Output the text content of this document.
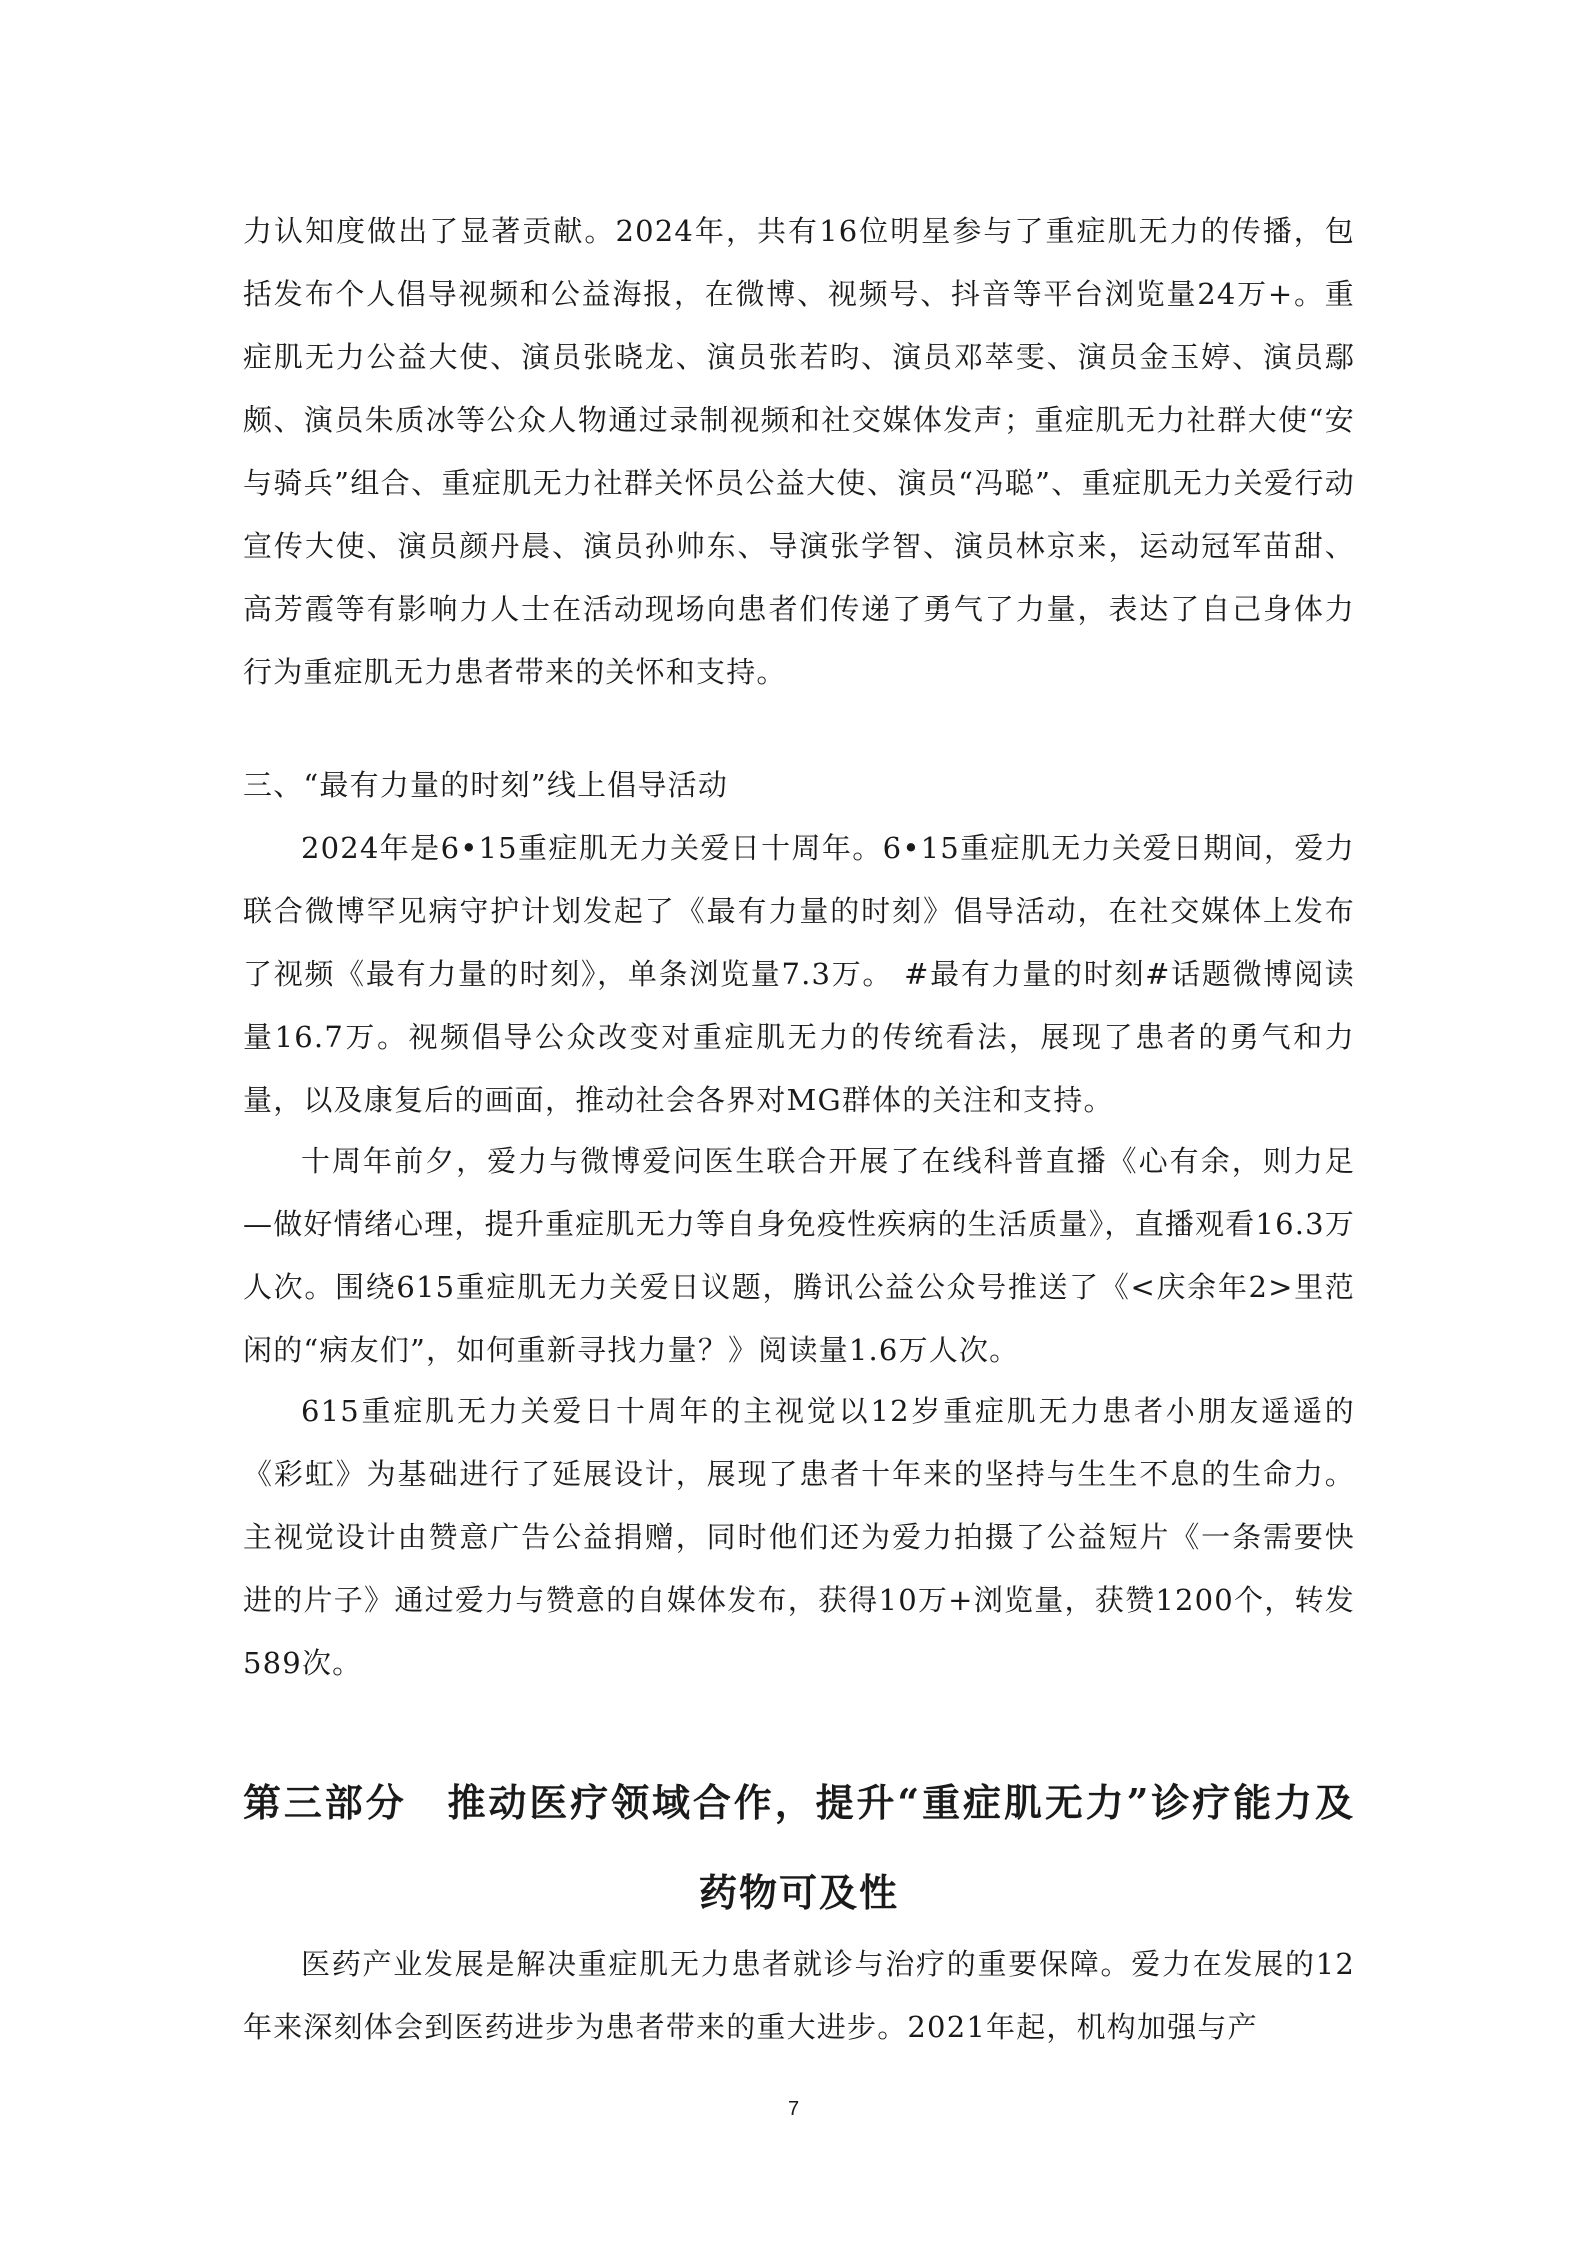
力认知度做出了显著贡献。2024年，共有16位明星参与了重症肌无力的传播，包括发布个人倡导视频和公益海报，在微博、视频号、抖音等平台浏览量24万+。重症肌无力公益大使、演员张晓龙、演员张若昀、演员邓萃雯、演员金玉婷、演员鄢颇、演员朱质冰等公众人物通过录制视频和社交媒体发声；重症肌无力社群大使“安与骑兵”组合、重症肌无力社群关怀员公益大使、演员“冯聪”、重症肌无力关爱行动宣传大使、演员颜丹晨、演员孙帅东、导演张学智、演员林京来，运动冠军苗甜、高芳霞等有影响力人士在活动现场向患者们传递了勇气了力量，表达了自己身体力行为重症肌无力患者带来的关怀和支持。

三、“最有力量的时刻”线上倡导活动

2024年是6•15重症肌无力关爱日十周年。6•15重症肌无力关爱日期间，爱力联合微博罕见病守护计划发起了《最有力量的时刻》倡导活动，在社交媒体上发布了视频《最有力量的时刻》，单条浏览量7.3万。 #最有力量的时刻#话题微博阅读量16.7万。视频倡导公众改变对重症肌无力的传统看法，展现了患者的勇气和力量，以及康复后的画面，推动社会各界对MG群体的关注和支持。

十周年前夕，爱力与微博爱问医生联合开展了在线科普直播《心有余，则力足—做好情绪心理，提升重症肌无力等自身免疫性疾病的生活质量》，直播观看16.3万人次。围绕615重症肌无力关爱日议题，腾讯公益公众号推送了《<庆余年2>里范闲的“病友们”，如何重新寻找力量？》阅读量1.6万人次。

615重症肌无力关爱日十周年的主视觉以12岁重症肌无力患者小朋友遥遥的《彩虹》为基础进行了延展设计，展现了患者十年来的坚持与生生不息的生命力。主视觉设计由赞意广告公益捐赠，同时他们还为爱力拍摄了公益短片《一条需要快进的片子》通过爱力与赞意的自媒体发布，获得10万+浏览量，获赞1200个，转发589次。

第三部分　推动医疗领域合作，提升“重症肌无力”诊疗能力及药物可及性

医药产业发展是解决重症肌无力患者就诊与治疗的重要保障。爱力在发展的12年来深刻体会到医药进步为患者带来的重大进步。2021年起，机构加强与产

7
